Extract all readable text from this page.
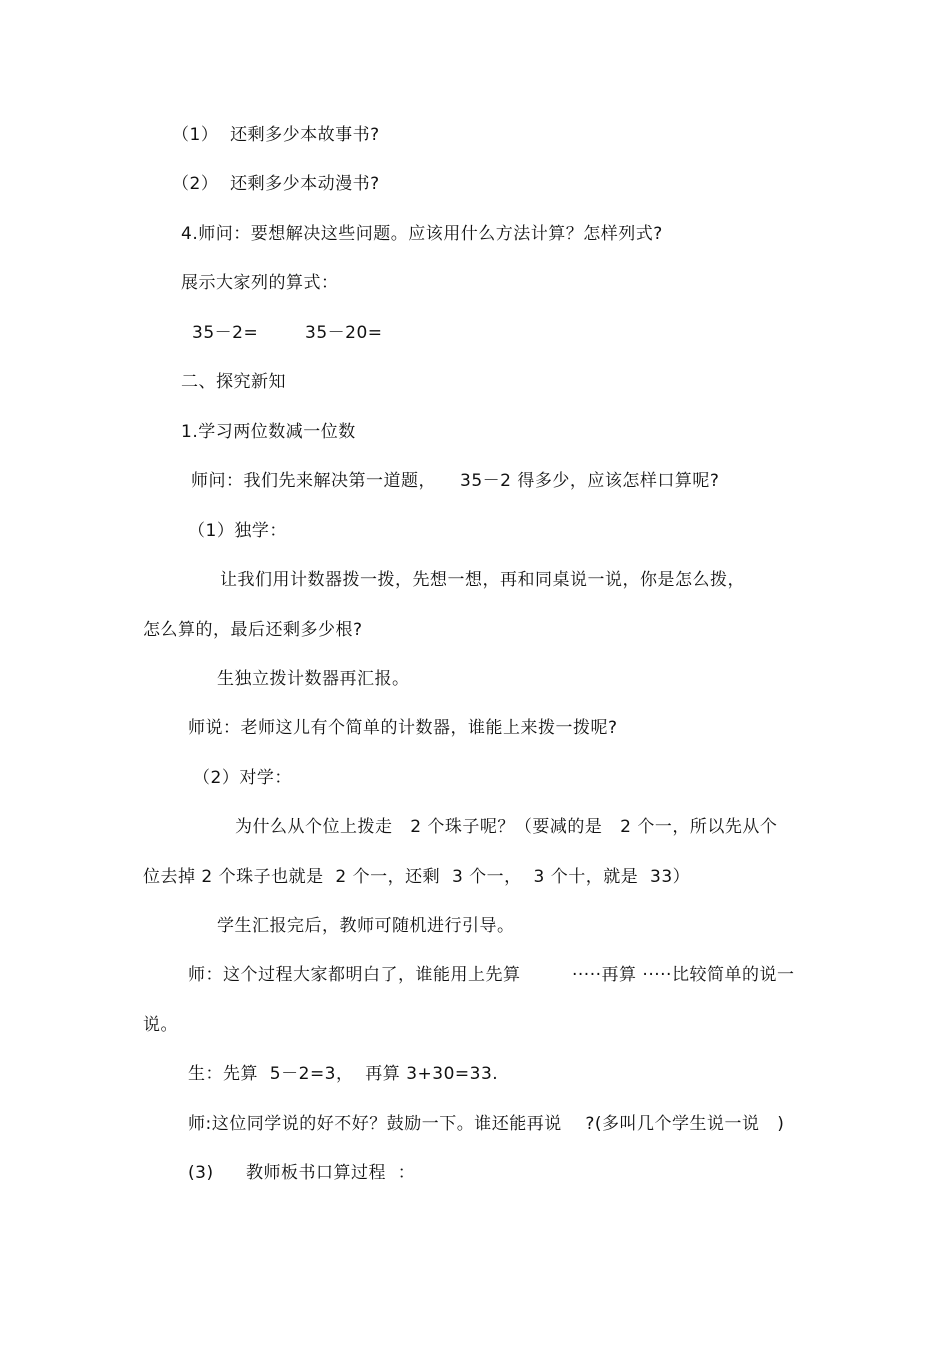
（1）  还剩多少本故事书?
（2）  还剩多少本动漫书?
4.师问：要想解决这些问题。应该用什么方法计算？怎样列式?
展示大家列的算式：
35－2=	35－20=
二、探究新知
1.学习两位数减一位数
师问：我们先来解决第一道题， 35－2 得多少，应该怎样口算呢?
（1）独学：
让我们用计数器拨一拨，先想一想，再和同桌说一说，你是怎么拨，
怎么算的，最后还剩多少根?
生独立拨计数器再汇报。
师说：老师这儿有个简单的计数器，谁能上来拨一拨呢?
（2）对学：
为什么从个位上拨走   2 个珠子呢？（要减的是   2 个一，所以先从个
位去掉 2 个珠子也就是  2 个一，还剩  3 个一，  3 个十，就是  33）
学生汇报完后，教师可随机进行引导。
师：这个过程大家都明白了，谁能用上先算	·····再算 ·····比较简单的说一
说。
生：先算  5－2=3，  再算 3+30=33.
师:这位同学说的好不好？鼓励一下。谁还能再说    ?(多叫几个学生说一说   )
(3) 教师板书口算过程  ：
